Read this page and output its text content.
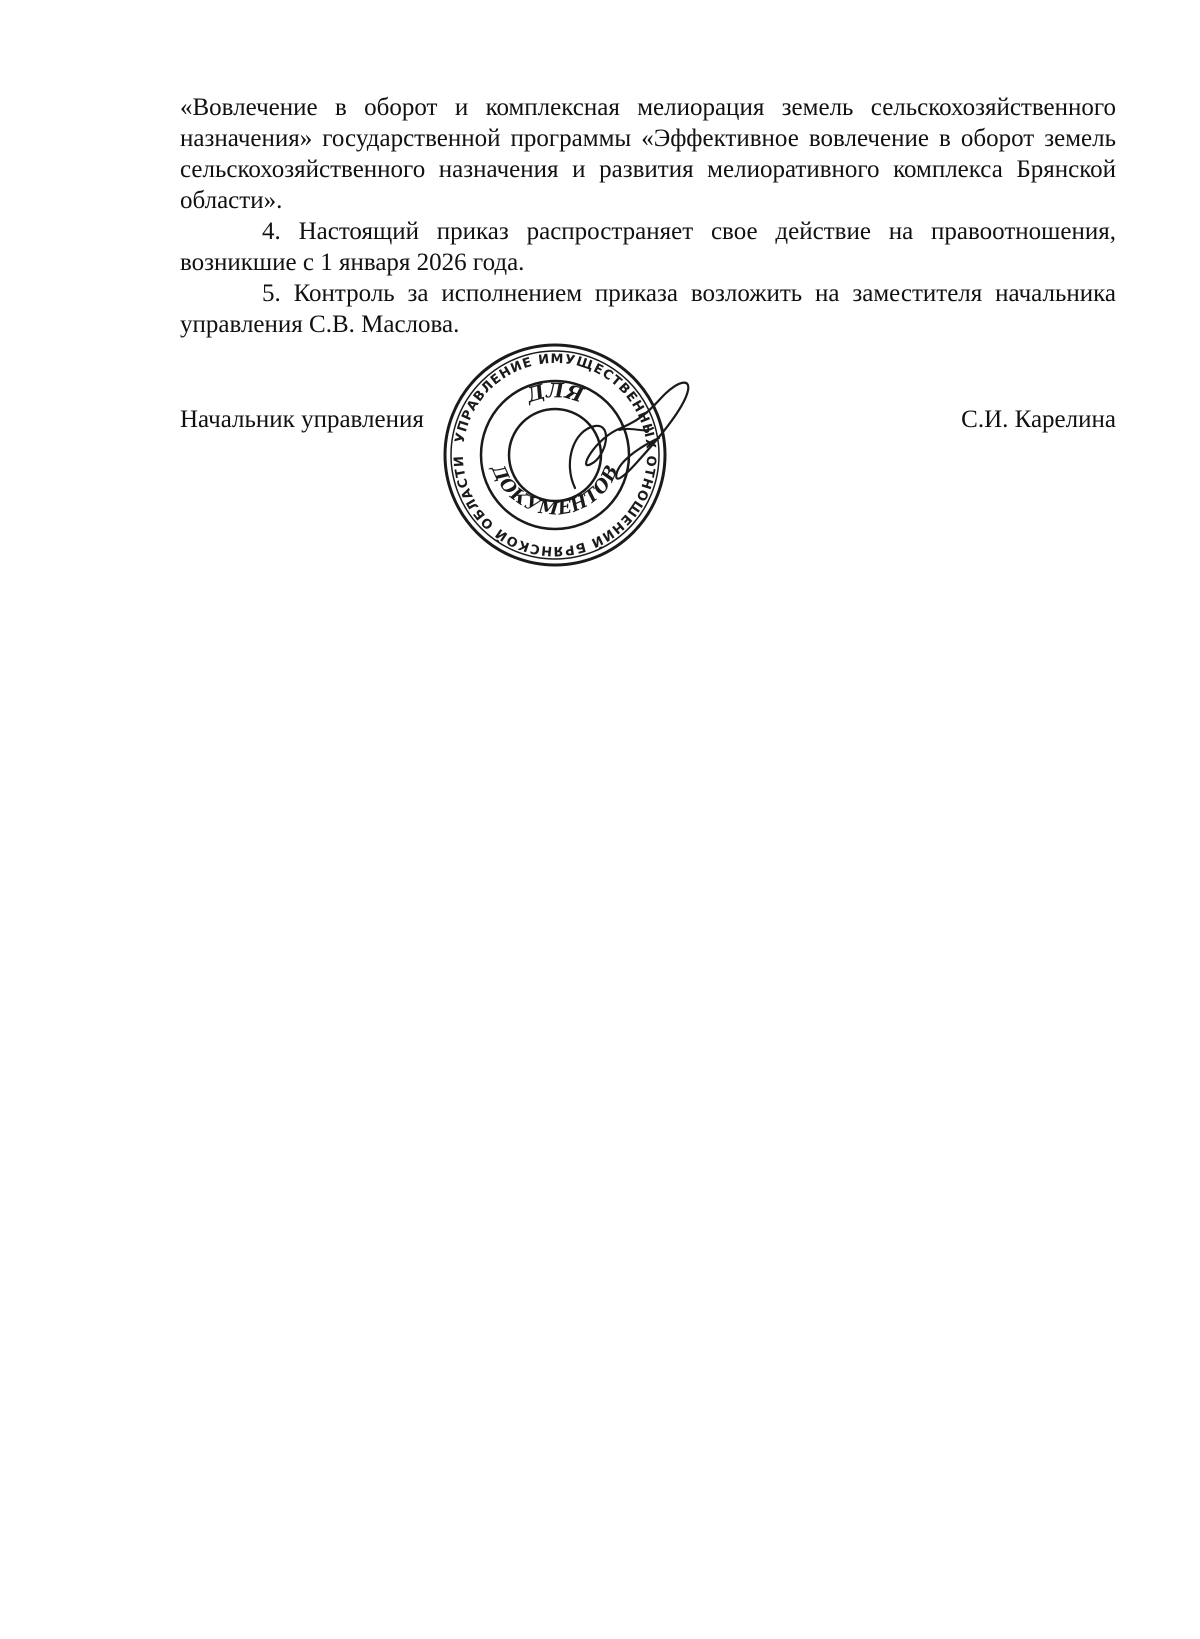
«Вовлечение в оборот и комплексная мелиорация земель сельскохозяйственного назначения» государственной программы «Эффективное вовлечение в оборот земель сельскохозяйственного назначения и развития мелиоративного комплекса Брянской области».

4. Настоящий приказ распространяет свое действие на правоотношения, возникшие с 1 января 2026 года.

5. Контроль за исполнением приказа возложить на заместителя начальника управления С.В. Маслова.

Начальник управления	С.И. Карелина
УПРАВЛЕНИЕ ИМУЩЕСТВЕННЫХ ОТНОШЕНИЙ БРЯНСКОЙ ОБЛАСТИ
ДЛЯ
ДОКУМЕНТОВ
